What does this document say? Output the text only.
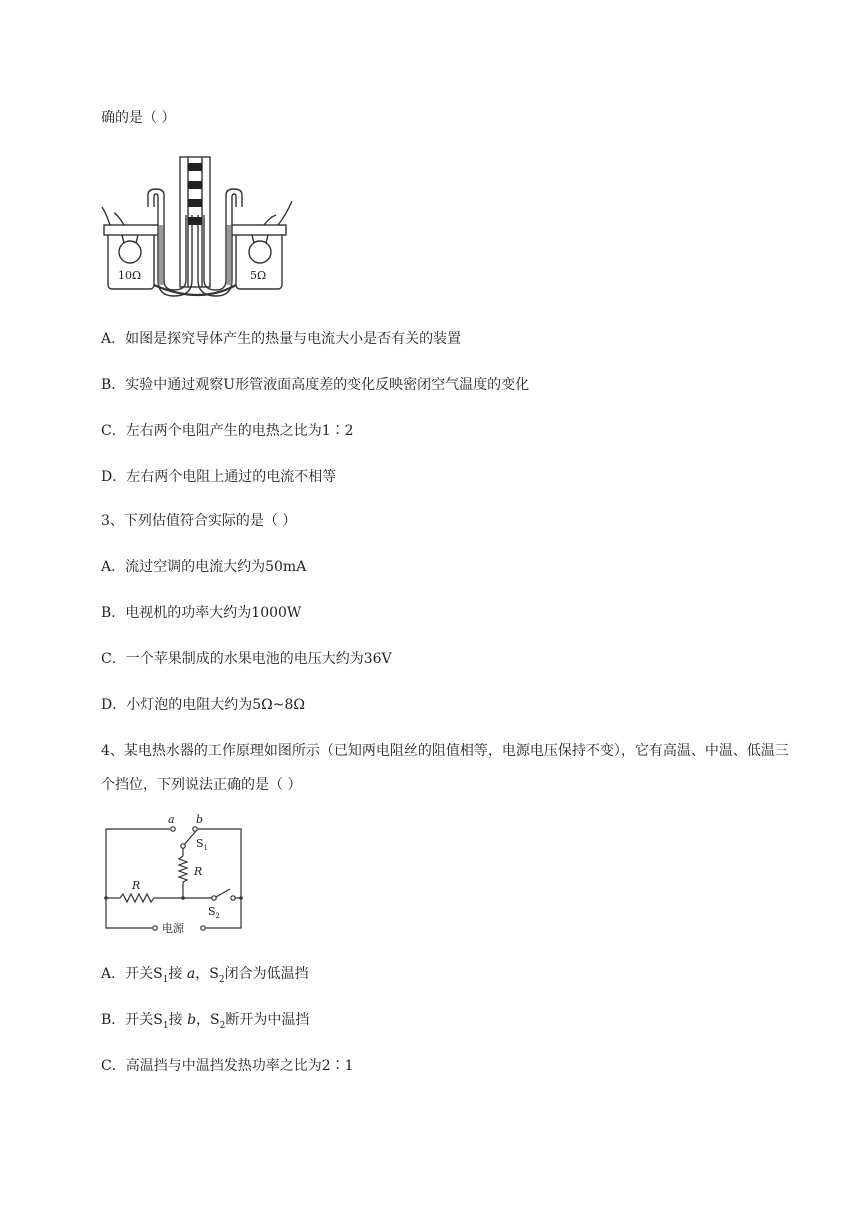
确的是（ ）
10Ω	5Ω
A．如图是探究导体产生的热量与电流大小是否有关的装置
B．实验中通过观察U形管液面高度差的变化反映密闭空气温度的变化
C．左右两个电阻产生的电热之比为1∶2
D．左右两个电阻上通过的电流不相等
3、下列估值符合实际的是（ ）
A．流过空调的电流大约为50mA
B．电视机的功率大约为1000W
C．一个苹果制成的水果电池的电压大约为36V
D．小灯泡的电阻大约为5Ω~8Ω
4、某电热水器的工作原理如图所示（已知两电阻丝的阻值相等，电源电压保持不变），它有高温、中温、低温三个挡位，下列说法正确的是（ ）
a b
$S_1$
R
R
$S_2$
电源
A．开关$S_1$接 a，$S_2$闭合为低温挡
B．开关$S_1$接 b，$S_2$断开为中温挡
C．高温挡与中温挡发热功率之比为2∶1
